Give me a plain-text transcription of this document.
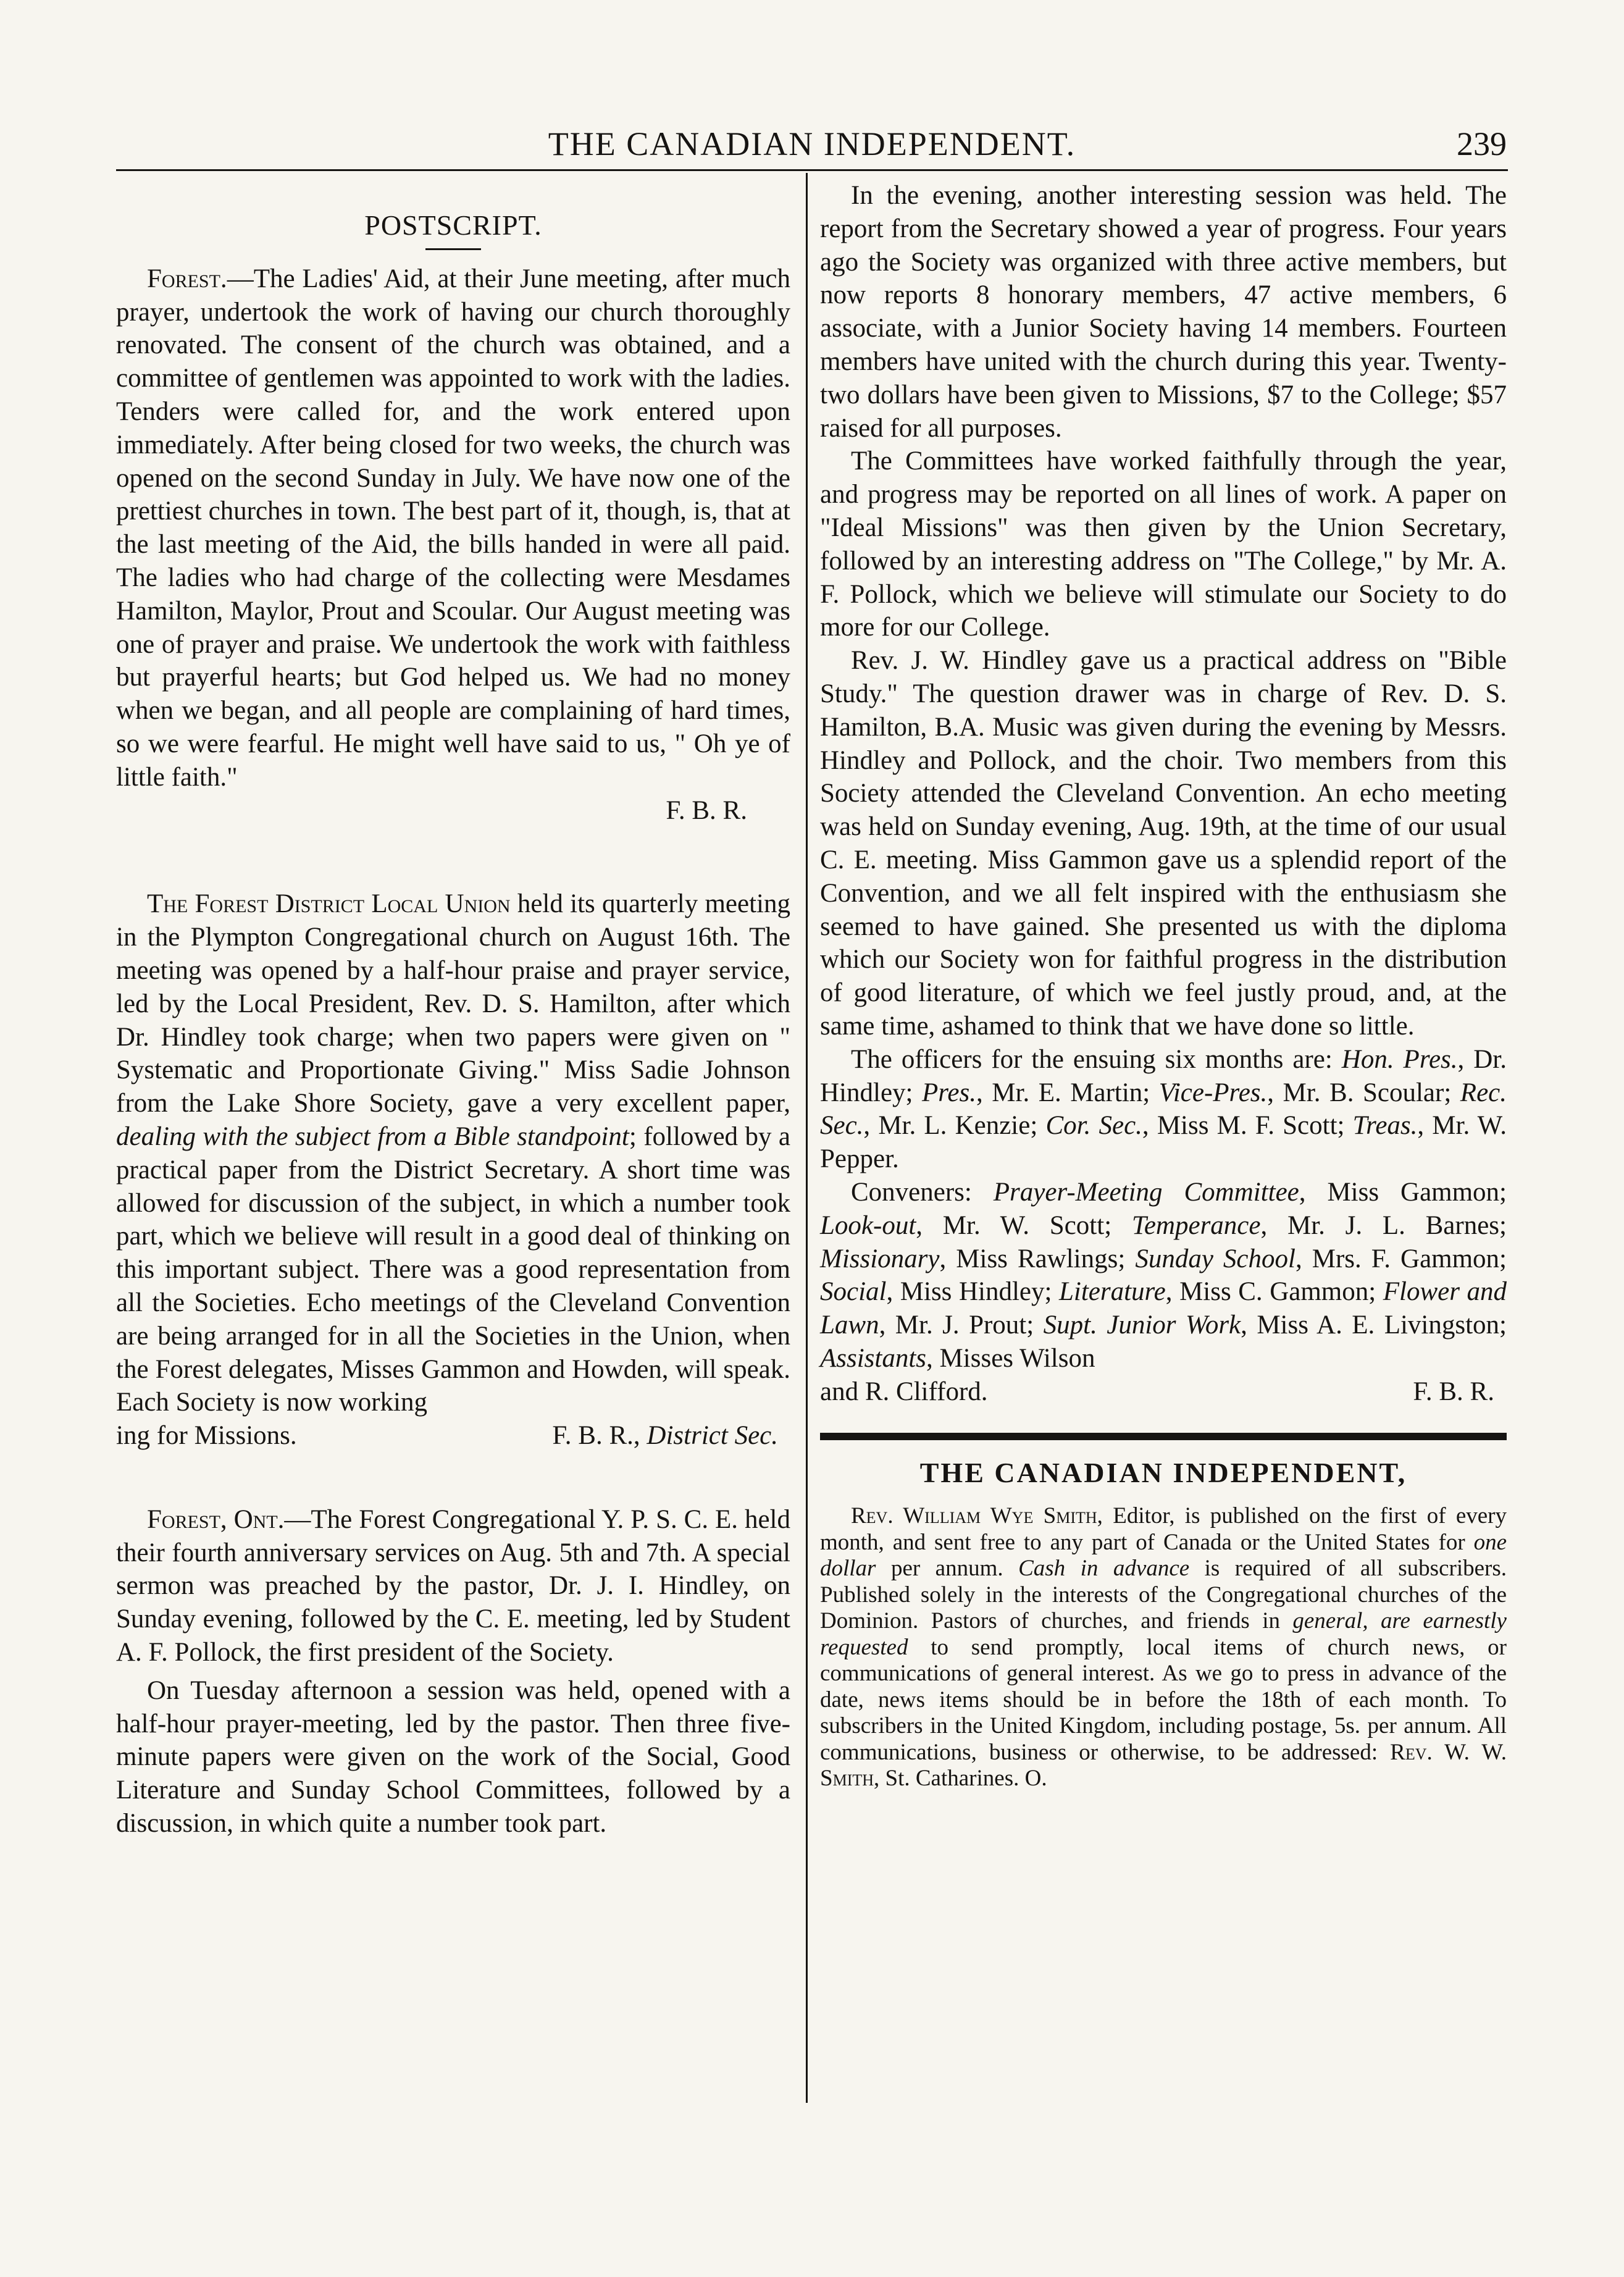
THE CANADIAN INDEPENDENT.	239
POSTSCRIPT.

Forest.—The Ladies' Aid, at their June meeting, after much prayer, undertook the work of having our church thoroughly renovated. The consent of the church was obtained, and a committee of gentlemen was appointed to work with the ladies. Tenders were called for, and the work entered upon immediately. After being closed for two weeks, the church was opened on the second Sunday in July. We have now one of the prettiest churches in town. The best part of it, though, is, that at the last meeting of the Aid, the bills handed in were all paid. The ladies who had charge of the collecting were Mesdames Hamilton, Maylor, Prout and Scoular. Our August meeting was one of prayer and praise. We undertook the work with faithless but prayerful hearts; but God helped us. We had no money when we began, and all people are complaining of hard times, so we were fearful. He might well have said to us, " Oh ye of little faith."

F. B. R.

The Forest District Local Union held its quarterly meeting in the Plympton Congregational church on August 16th. The meeting was opened by a half-hour praise and prayer service, led by the Local President, Rev. D. S. Hamilton, after which Dr. Hindley took charge; when two papers were given on " Systematic and Proportionate Giving." Miss Sadie Johnson from the Lake Shore Society, gave a very excellent paper, dealing with the subject from a Bible standpoint; followed by a practical paper from the District Secretary. A short time was allowed for discussion of the subject, in which a number took part, which we believe will result in a good deal of thinking on this important subject. There was a good representation from all the Societies. Echo meetings of the Cleveland Convention are being arranged for in all the Societies in the Union, when the Forest delegates, Misses Gammon and Howden, will speak. Each Society is now working

ing for Missions.	F. B. R., District Sec.

Forest, Ont.—The Forest Congregational Y. P. S. C. E. held their fourth anniversary services on Aug. 5th and 7th. A special sermon was preached by the pastor, Dr. J. I. Hindley, on Sunday evening, followed by the C. E. meeting, led by Student A. F. Pollock, the first president of the Society.

On Tuesday afternoon a session was held, opened with a half-hour prayer-meeting, led by the pastor. Then three five-minute papers were given on the work of the Social, Good Literature and Sunday School Committees, followed by a discussion, in which quite a number took part.

In the evening, another interesting session was held. The report from the Secretary showed a year of progress. Four years ago the Society was organized with three active members, but now reports 8 honorary members, 47 active members, 6 associate, with a Junior Society having 14 members. Fourteen members have united with the church during this year. Twenty-two dollars have been given to Missions, $7 to the College; $57 raised for all purposes.

The Committees have worked faithfully through the year, and progress may be reported on all lines of work. A paper on "Ideal Missions" was then given by the Union Secretary, followed by an interesting address on "The College," by Mr. A. F. Pollock, which we believe will stimulate our Society to do more for our College.

Rev. J. W. Hindley gave us a practical address on "Bible Study." The question drawer was in charge of Rev. D. S. Hamilton, B.A. Music was given during the evening by Messrs. Hindley and Pollock, and the choir. Two members from this Society attended the Cleveland Convention. An echo meeting was held on Sunday evening, Aug. 19th, at the time of our usual C. E. meeting. Miss Gammon gave us a splendid report of the Convention, and we all felt inspired with the enthusiasm she seemed to have gained. She presented us with the diploma which our Society won for faithful progress in the distribution of good literature, of which we feel justly proud, and, at the same time, ashamed to think that we have done so little.

The officers for the ensuing six months are: Hon. Pres., Dr. Hindley; Pres., Mr. E. Martin; Vice-Pres., Mr. B. Scoular; Rec. Sec., Mr. L. Kenzie; Cor. Sec., Miss M. F. Scott; Treas., Mr. W. Pepper.

Conveners: Prayer-Meeting Committee, Miss Gammon; Look-out, Mr. W. Scott; Temperance, Mr. J. L. Barnes; Missionary, Miss Rawlings; Sunday School, Mrs. F. Gammon; Social, Miss Hindley; Literature, Miss C. Gammon; Flower and Lawn, Mr. J. Prout; Supt. Junior Work, Miss A. E. Livingston; Assistants, Misses Wilson

and R. Clifford.	F. B. R.
THE CANADIAN INDEPENDENT,

Rev. William Wye Smith, Editor, is published on the first of every month, and sent free to any part of Canada or the United States for one dollar per annum. Cash in advance is required of all subscribers. Published solely in the interests of the Congregational churches of the Dominion. Pastors of churches, and friends in general, are earnestly requested to send promptly, local items of church news, or communications of general interest. As we go to press in advance of the date, news items should be in before the 18th of each month. To subscribers in the United Kingdom, including postage, 5s. per annum. All communications, business or otherwise, to be addressed: Rev. W. W. Smith, St. Catharines. O.
